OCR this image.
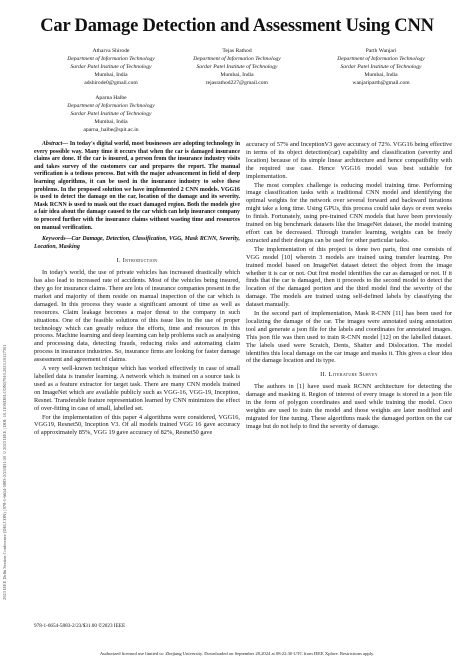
2023 IEEE Delhi Section Conference (DELCON) | 978-1-6654-5883-2/23/$31.00 ©2023 IEEE | DOI: 10.1109/DELCON57910.2023.10127301
Car Damage Detection and Assessment Using CNN
Atharva Shirode
Department of Information Technology
Sardar Patel Institute of Technology
Mumbai, India
adshirode0@gmail.com
Tejas Rathod
Department of Information Technology
Sardar Patel Institute of Technology
Mumbai, India
tejasrathod227@gmail.com
Parth Wanjari
Department of Information Technology
Sardar Patel Institute of Technology
Mumbai, India
wanjariparth@gmail.com
Aparna Halbe
Department of Information Technology
Sardar Patel Institute of Technology
Mumbai, India
aparna_halbe@spit.ac.in
Abstract— In today's digital world, most businesses are adopting technology in every possible way. Many time it occurs that when the car is damaged insurance claims are done. If the car is insured, a person from the insurance industry visits and takes survey of the customers car and prepares the report. The manual verification is a tedious process. But with the major advancement in field of deep learning algorithms, it can be used in the insurance industry to solve these problems. In the proposed solution we have implemented 2 CNN models. VGG16 is used to detect the damage on the car, location of the damage and its severity. Mask RCNN is used to mask out the exact damaged region. Both the models give a fair idea about the damage caused to the car which can help insurance company to proceed further with the insurance claims without wasting time and resources on manual verification.
Keywords—Car Damage, Detection, Classification, VGG, Mask RCNN, Severity, Location, Masking
I. Introduction

In today's world, the use of private vehicles has increased drastically which has also lead to increased rate of accidents. Most of the vehicles being insured, they go for insurance claims. There are lots of insurance companies present in the market and majority of them reside on manual inspection of the car which is damaged. In this process they waste a significant amount of time as well as resources. Claim leakage becomes a major threat to the company in such situations. One of the feasible solutions of this issue lies in the use of proper technology which can greatly reduce the efforts, time and resources in this process. Machine learning and deep learning can help problems such as analysing and processing data, detecting frauds, reducing risks and automating claim process in insurance industries. So, insurance firms are looking for faster damage assessment and agreement of claims.

A very well-known technique which has worked effectively in case of small labelled data is transfer learning. A network which is trained on a source task is used as a feature extractor for target task. There are many CNN models trained on ImageNet which are available publicly such as VGG-16, VGG-19, Inception, Resnet. Transferable feature representation learned by CNN minimizes the effect of over-fitting in case of small, labelled set.

For the implementation of this paper 4 algorithms were considered, VGG16, VGG19, Resnet50, Inception V3. Of all models trained VGG 16 gave accuracy of approximately 85%, VGG 19 gave accuracy of 82%, Resnet50 gave

accuracy of 57% and InceptionV3 gave accuracy of 72%. VGG16 being effective in terms of its object detection(car) capability and classification (severity and location) because of its simple linear architecture and hence compatibility with the required use case. Hence VGG16 model was best suitable for implementation.

The most complex challenge is reducing model training time. Performing image classification tasks with a traditional CNN model and identifying the optimal weights for the network over several forward and backward iterations might take a long time. Using GPUs, this process could take days or even weeks to finish. Fortunately, using pre-trained CNN models that have been previously trained on big benchmark datasets like the ImageNet dataset, the model training effort can be decreased. Through transfer learning, weights can be freely extracted and their designs can be used for other particular tasks.

The implementation of this project is done two parts, first one consists of VGG model [10] wherein 3 models are trained using transfer learning. Pre trained model based on ImageNet dataset detect the object from the image whether it is car or not. Out first model identifies the car as damaged or not. If it finds that the car is damaged, then it proceeds to the second model to detect the location of the damaged portion and the third model find the severity of the damage. The models are trained using self-defined labels by classifying the dataset manually.

In the second part of implementation, Mask R-CNN [11] has been used for localizing the damage of the car. The images were annotated using annotation tool and generate a json file for the labels and coordinates for annotated images. This json file was then used to train R-CNN model [12] on the labelled dataset. The labels used were Scratch, Dents, Shatter and Dislocation. The model identifies this local damage on the car image and masks it. This gives a clear idea of the damage location and its type.

II. Literature Survey

The authors in [1] have used mask RCNN architecture for detecting the damage and masking it. Region of interest of every image is stored in a json file in the form of polygon coordinates and used while training the model. Coco weights are used to train the model and those weights are later modified and migrated for fine tuning. These algorithms mask the damaged portion on the car image but do not help to find the severity of damage.

978-1-6654-5883-2/23/$31.00 ©2023 IEEE
Authorized licensed use limited to: Zhejiang University. Downloaded on September 28,2024 at 08:22:30 UTC from IEEE Xplore. Restrictions apply.
